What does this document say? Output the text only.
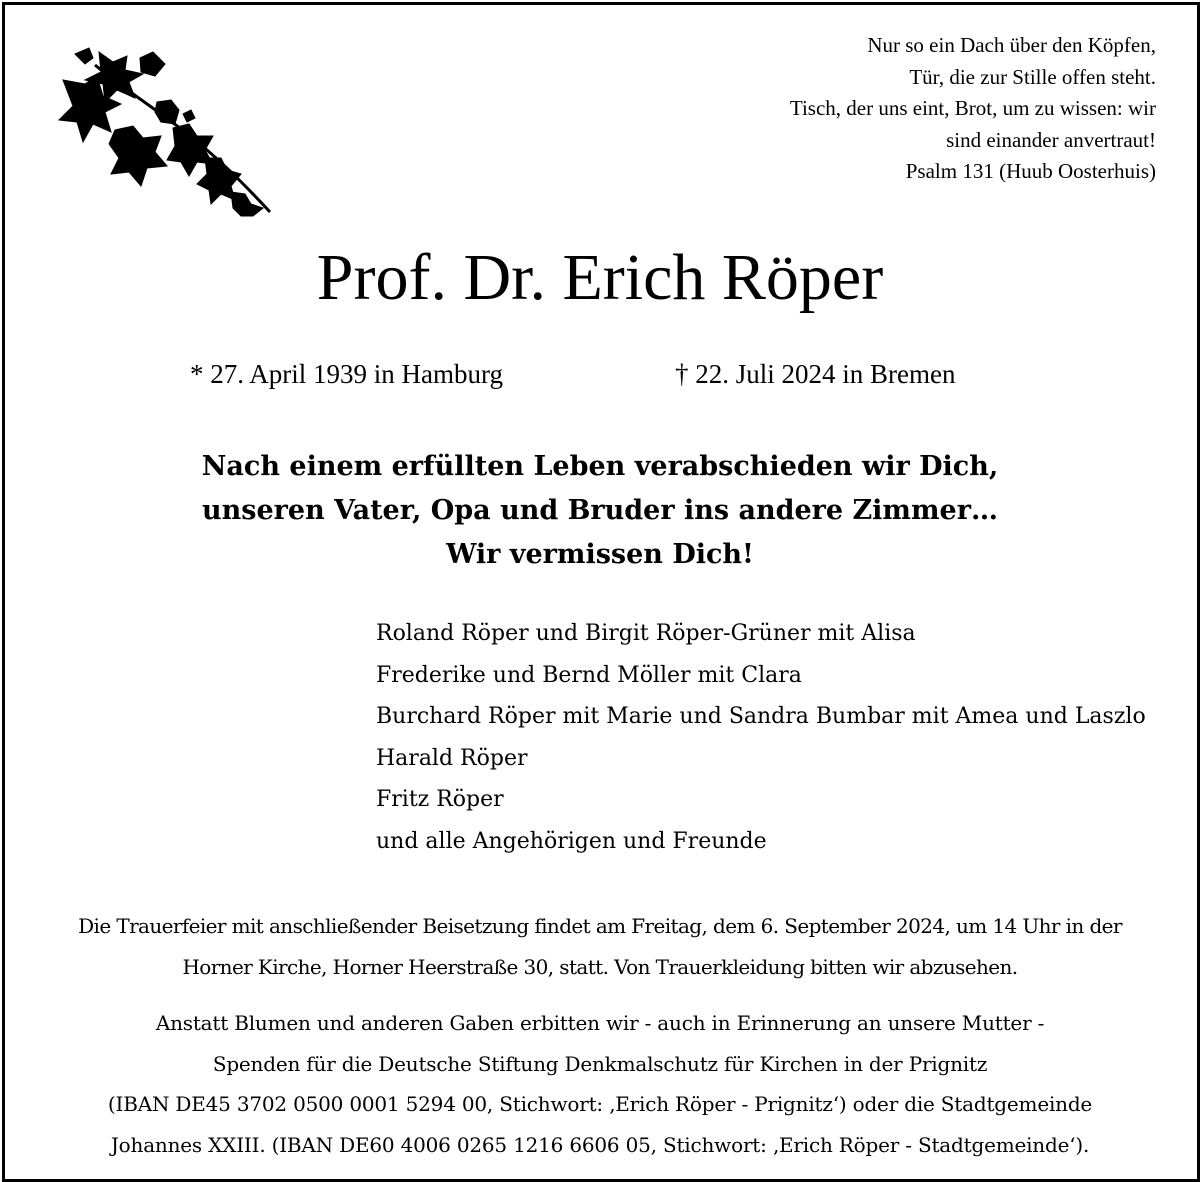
Nur so ein Dach über den Köpfen,
Tür, die zur Stille offen steht.
Tisch, der uns eint, Brot, um zu wissen: wir
sind einander anvertraut!
Psalm 131 (Huub Oosterhuis)
Prof. Dr. Erich Röper
* 27. April 1939 in Hamburg	† 22. Juli 2024 in Bremen
Nach einem erfüllten Leben verabschieden wir Dich,
unseren Vater, Opa und Bruder ins andere Zimmer…
Wir vermissen Dich!
Roland Röper und Birgit Röper-Grüner mit Alisa
Frederike und Bernd Möller mit Clara
Burchard Röper mit Marie und Sandra Bumbar mit Amea und Laszlo
Harald Röper
Fritz Röper
und alle Angehörigen und Freunde
Die Trauerfeier mit anschließender Beisetzung findet am Freitag, dem 6. September 2024, um 14 Uhr in der
Horner Kirche, Horner Heerstraße 30, statt. Von Trauerkleidung bitten wir abzusehen.
Anstatt Blumen und anderen Gaben erbitten wir - auch in Erinnerung an unsere Mutter -
Spenden für die Deutsche Stiftung Denkmalschutz für Kirchen in der Prignitz
(IBAN DE45 3702 0500 0001 5294 00, Stichwort: ‚Erich Röper - Prignitz‘) oder die Stadtgemeinde
Johannes XXIII. (IBAN DE60 4006 0265 1216 6606 05, Stichwort: ‚Erich Röper - Stadtgemeinde‘).
